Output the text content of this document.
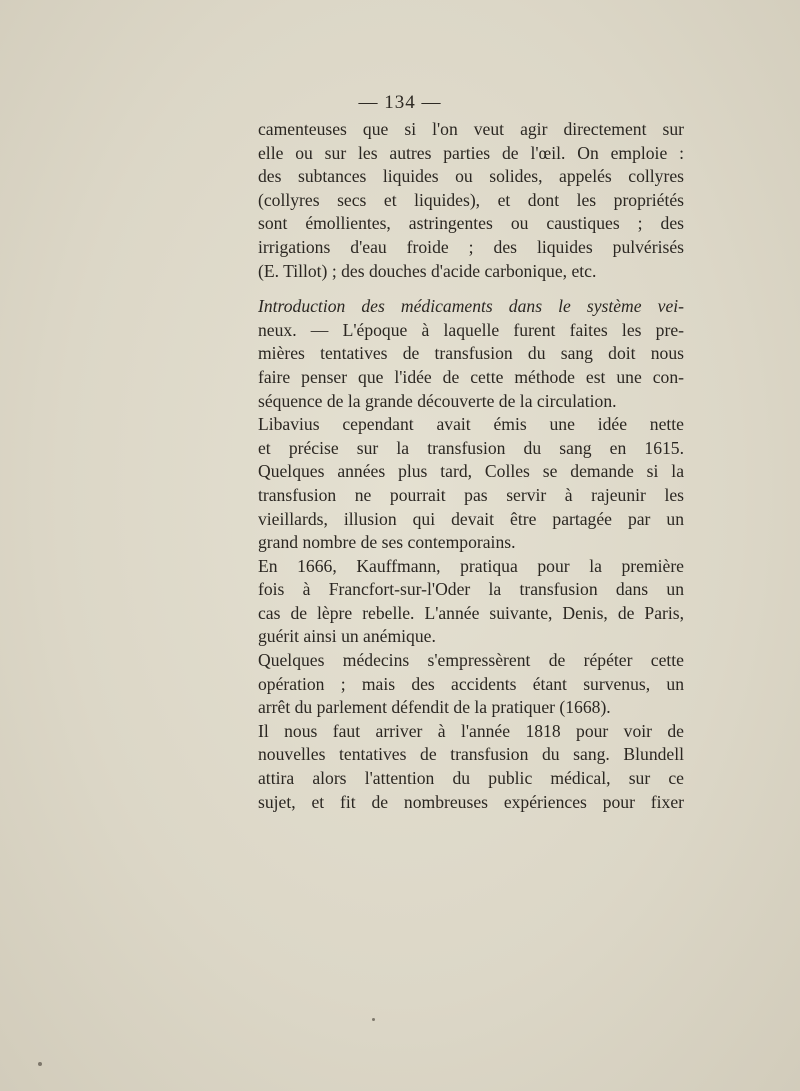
— 134 —
camenteuses que si l'on veut agir directement sur
elle ou sur les autres parties de l'œil. On emploie :
des subtances liquides ou solides, appelés collyres
(collyres secs et liquides), et dont les propriétés
sont émollientes, astringentes ou caustiques ; des
irrigations d'eau froide ; des liquides pulvérisés
(E. Tillot) ; des douches d'acide carbonique, etc.
Introduction des médicaments dans le système vei-
neux. — L'époque à laquelle furent faites les pre-
mières tentatives de transfusion du sang doit nous
faire penser que l'idée de cette méthode est une con-
séquence de la grande découverte de la circulation.
Libavius cependant avait émis une idée nette
et précise sur la transfusion du sang en 1615.
Quelques années plus tard, Colles se demande si la
transfusion ne pourrait pas servir à rajeunir les
vieillards, illusion qui devait être partagée par un
grand nombre de ses contemporains.
En 1666, Kauffmann, pratiqua pour la première
fois à Francfort-sur-l'Oder la transfusion dans un
cas de lèpre rebelle. L'année suivante, Denis, de Paris,
guérit ainsi un anémique.
Quelques médecins s'empressèrent de répéter cette
opération ; mais des accidents étant survenus, un
arrêt du parlement défendit de la pratiquer (1668).
Il nous faut arriver à l'année 1818 pour voir de
nouvelles tentatives de transfusion du sang. Blundell
attira alors l'attention du public médical, sur ce
sujet, et fit de nombreuses expériences pour fixer
